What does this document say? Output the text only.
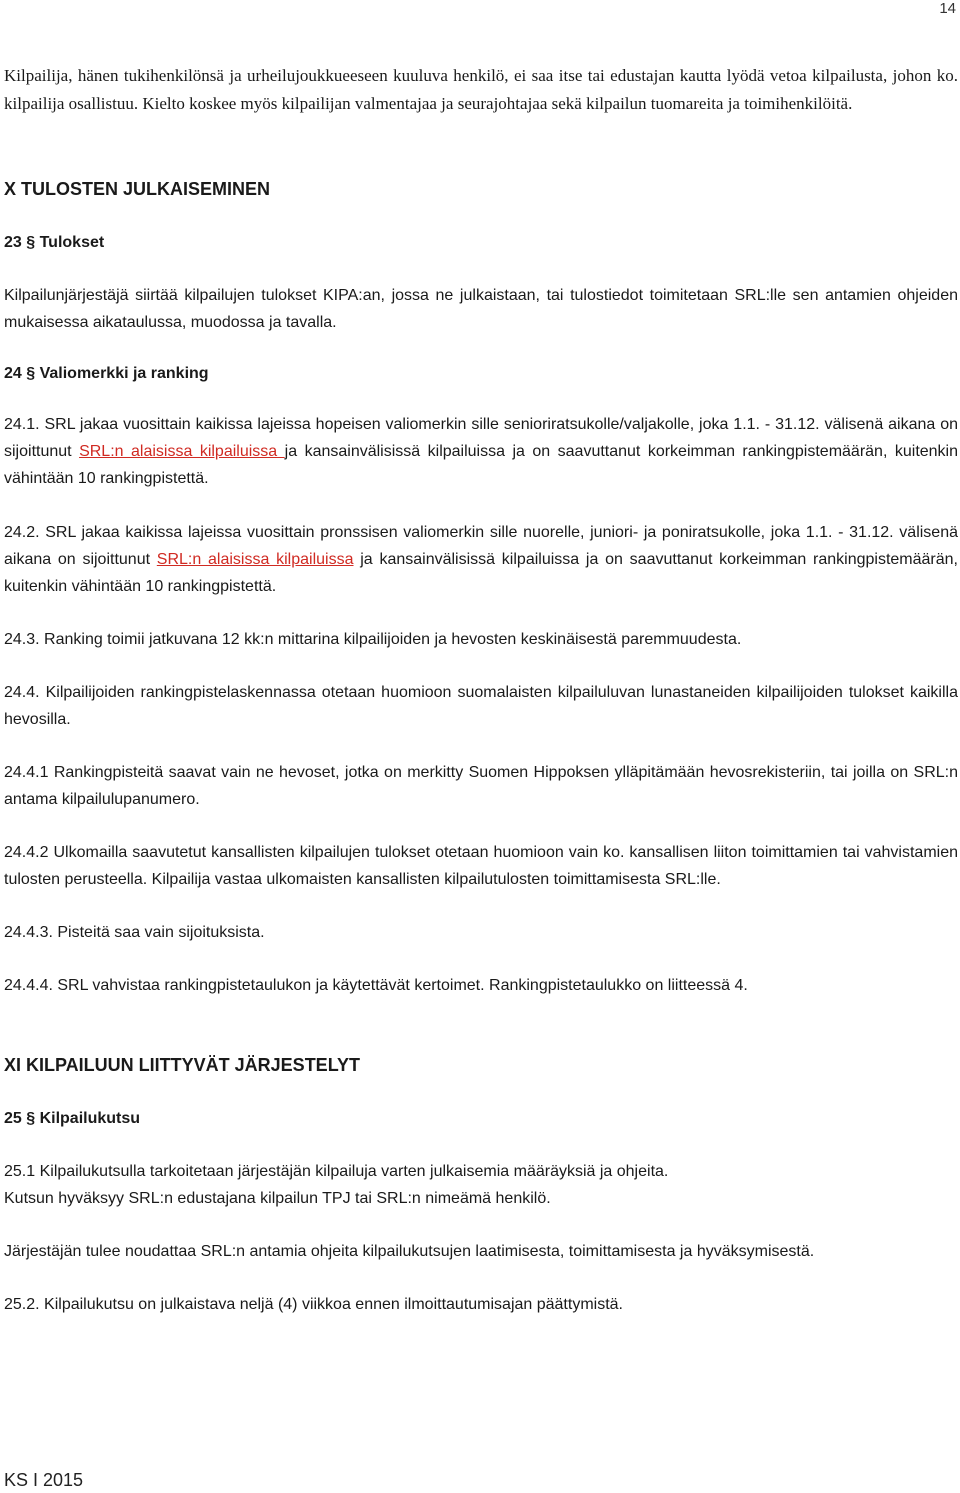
14

Kilpailija, hänen tukihenkilönsä ja urheilujoukkueeseen kuuluva henkilö, ei saa itse tai edustajan kautta lyödä vetoa kilpailusta, johon ko. kilpailija osallistuu. Kielto koskee myös kilpailijan valmentajaa ja seurajohtajaa sekä kilpailun tuomareita ja toimihenkilöitä.

X TULOSTEN JULKAISEMINEN
23 § Tulokset

Kilpailunjärjestäjä siirtää kilpailujen tulokset KIPA:an, jossa ne julkaistaan, tai tulostiedot toimitetaan SRL:lle sen antamien ohjeiden mukaisessa aikataulussa, muodossa ja tavalla.

24 § Valiomerkki ja ranking

24.1. SRL jakaa vuosittain kaikissa lajeissa hopeisen valiomerkin sille senioriratsukolle/valjakolle, joka 1.1. - 31.12. välisenä aikana on sijoittunut SRL:n alaisissa kilpailuissa ja kansainvälisissä kilpailuissa ja on saavuttanut korkeimman rankingpistemäärän, kuitenkin vähintään 10 rankingpistettä.

24.2. SRL jakaa kaikissa lajeissa vuosittain pronssisen valiomerkin sille nuorelle, juniori- ja poniratsukolle, joka 1.1. - 31.12. välisenä aikana on sijoittunut SRL:n alaisissa kilpailuissa ja kansainvälisissä kilpailuissa ja on saavuttanut korkeimman rankingpistemäärän, kuitenkin vähintään 10 rankingpistettä.

24.3. Ranking toimii jatkuvana 12 kk:n mittarina kilpailijoiden ja hevosten keskinäisestä paremmuudesta.

24.4. Kilpailijoiden rankingpistelaskennassa otetaan huomioon suomalaisten kilpailuluvan lunastaneiden kilpailijoiden tulokset kaikilla hevosilla.

24.4.1 Rankingpisteitä saavat vain ne hevoset, jotka on merkitty Suomen Hippoksen ylläpitämään hevosrekisteriin, tai joilla on SRL:n antama kilpailulupanumero.

24.4.2 Ulkomailla saavutetut kansallisten kilpailujen tulokset otetaan huomioon vain ko. kansallisen liiton toimittamien tai vahvistamien tulosten perusteella. Kilpailija vastaa ulkomaisten kansallisten kilpailutulosten toimittamisesta SRL:lle.

24.4.3. Pisteitä saa vain sijoituksista.

24.4.4. SRL vahvistaa rankingpistetaulukon ja käytettävät kertoimet. Rankingpistetaulukko on liitteessä 4.

XI KILPAILUUN LIITTYVÄT JÄRJESTELYT
25 § Kilpailukutsu

25.1 Kilpailukutsulla tarkoitetaan järjestäjän kilpailuja varten julkaisemia määräyksiä ja ohjeita.

Kutsun hyväksyy SRL:n edustajana kilpailun TPJ tai SRL:n nimeämä henkilö.

Järjestäjän tulee noudattaa SRL:n antamia ohjeita kilpailukutsujen laatimisesta, toimittamisesta ja hyväksymisestä.

25.2. Kilpailukutsu on julkaistava neljä (4) viikkoa ennen ilmoittautumisajan päättymistä.

KS I 2015
